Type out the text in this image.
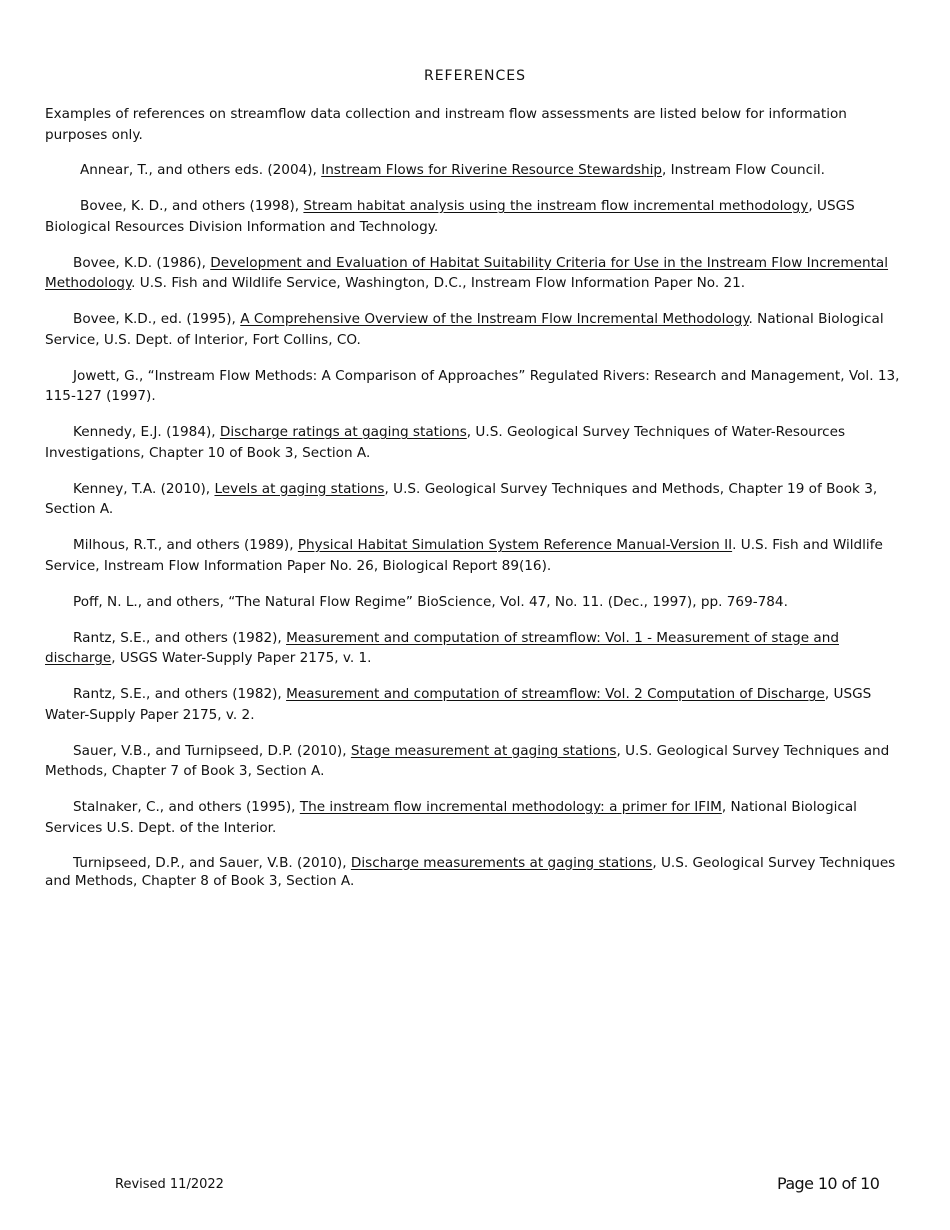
REFERENCES

Examples of references on streamflow data collection and instream flow assessments are listed below for information purposes only.

Annear, T., and others eds. (2004), Instream Flows for Riverine Resource Stewardship, Instream Flow Council.

Bovee, K. D., and others (1998), Stream habitat analysis using the instream flow incremental methodology, USGS Biological Resources Division Information and Technology.

Bovee, K.D. (1986), Development and Evaluation of Habitat Suitability Criteria for Use in the Instream Flow Incremental Methodology. U.S. Fish and Wildlife Service, Washington, D.C., Instream Flow Information Paper No. 21.

Bovee, K.D., ed. (1995), A Comprehensive Overview of the Instream Flow Incremental Methodology. National Biological Service, U.S. Dept. of Interior, Fort Collins, CO.

Jowett, G., “Instream Flow Methods: A Comparison of Approaches” Regulated Rivers: Research and Management, Vol. 13, 115-127 (1997).

Kennedy, E.J. (1984), Discharge ratings at gaging stations, U.S. Geological Survey Techniques of Water-Resources Investigations, Chapter 10 of Book 3, Section A.

Kenney, T.A. (2010), Levels at gaging stations, U.S. Geological Survey Techniques and Methods, Chapter 19 of Book 3, Section A.

Milhous, R.T., and others (1989), Physical Habitat Simulation System Reference Manual-Version II. U.S. Fish and Wildlife Service, Instream Flow Information Paper No. 26, Biological Report 89(16).

Poff, N. L., and others, “The Natural Flow Regime” BioScience, Vol. 47, No. 11. (Dec., 1997), pp. 769-784.

Rantz, S.E., and others (1982), Measurement and computation of streamflow: Vol. 1 - Measurement of stage and discharge, USGS Water-Supply Paper 2175, v. 1.

Rantz, S.E., and others (1982), Measurement and computation of streamflow: Vol. 2 Computation of Discharge, USGS Water-Supply Paper 2175, v. 2.

Sauer, V.B., and Turnipseed, D.P. (2010), Stage measurement at gaging stations, U.S. Geological Survey Techniques and Methods, Chapter 7 of Book 3, Section A.

Stalnaker, C., and others (1995), The instream flow incremental methodology: a primer for IFIM, National Biological Services U.S. Dept. of the Interior.

Turnipseed, D.P., and Sauer, V.B. (2010), Discharge measurements at gaging stations, U.S. Geological Survey Techniques and Methods, Chapter 8 of Book 3, Section A.

Revised 11/2022	Page 10 of 10
